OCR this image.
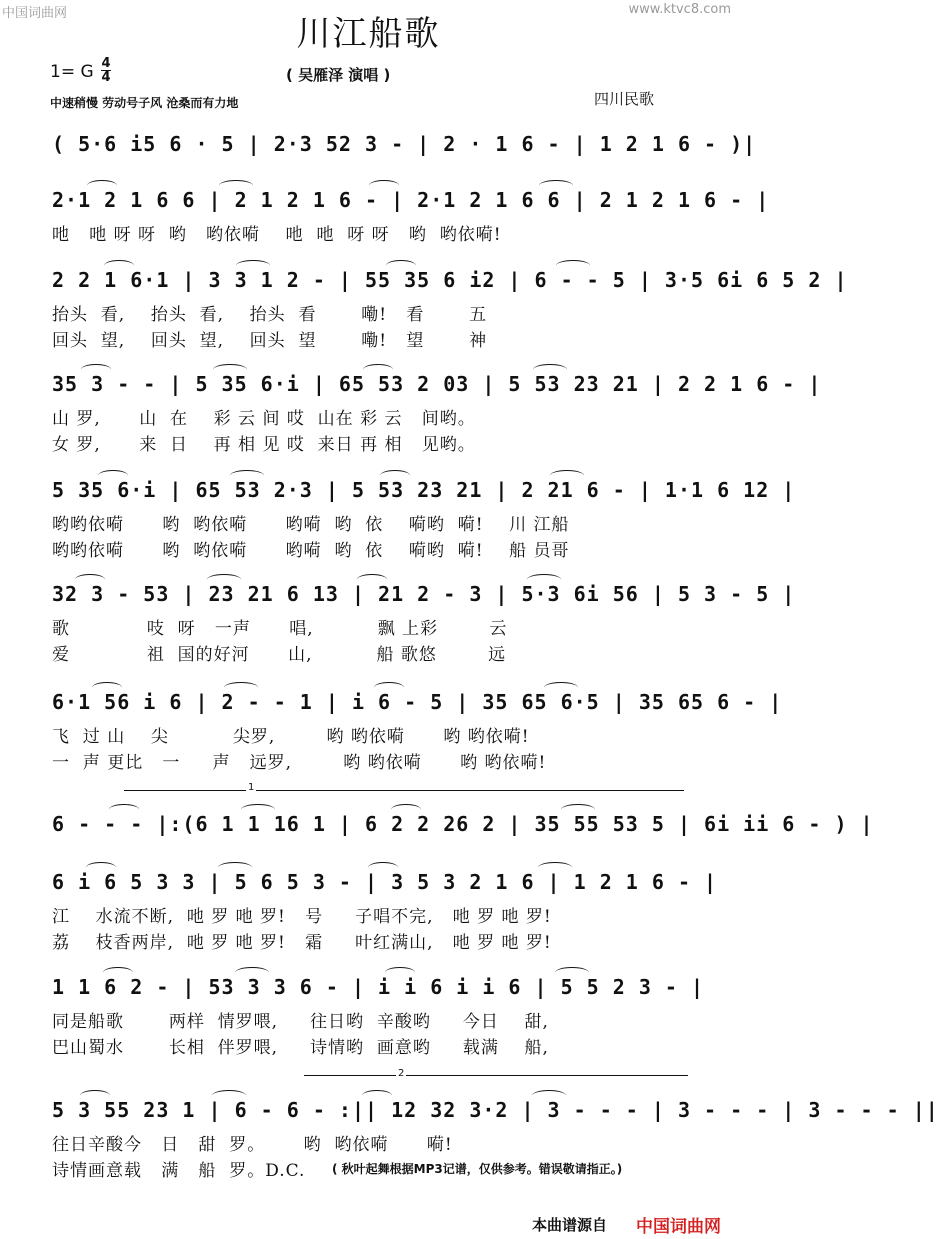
中国词曲网	www.ktvc8.com
川江船歌
1= G 4
4	( 吴雁泽 演唱 )
中速稍慢 劳动号子风 沧桑而有力地	四川民歌
( 5·6 i5 6 · 5 | 2·3 52 3 - | 2 · 1 6 - | 1 2 1 6 - )|
2·1 2 1 6 6 | 2 1 2 1 6 - | 2·1 2 1 6 6 | 2 1 2 1 6 - |
吔   吔 呀 呀  哟   哟依嗬    吔  吔  呀 呀   哟  哟依嗬!
2 2 1 6·1 | 3 3 1 2 - | 55 35 6 i2 | 6 - - 5 | 3·5 6i 6 5 2 |
抬头  看,    抬头  看,    抬头  看       嘞!   看       五
回头  望,    回头  望,    回头  望       嘞!   望       神
35 3 - - | 5 35 6·i | 65 53 2 03 | 5 53 23 21 | 2 2 1 6 - |
山 罗,      山  在    彩 云 间 哎  山在 彩 云   间哟。
女 罗,      来  日    再 相 见 哎  来日 再 相   见哟。
5 35 6·i | 65 53 2·3 | 5 53 23 21 | 2 21 6 - | 1·1 6 12 |
哟哟依嗬      哟  哟依嗬      哟嗬  哟  依    嗬哟  嗬!    川 江船
哟哟依嗬      哟  哟依嗬      哟嗬  哟  依    嗬哟  嗬!    船 员哥
32 3 - 53 | 23 21 6 13 | 21 2 - 3 | 5·3 6i 56 | 5 3 - 5 |
歌            吱  呀   一声      唱,          飘 上彩        云
爱            祖  国的好河      山,          船 歌悠        远
6·1 56 i 6 | 2 - - 1 | i 6 - 5 | 35 65 6·5 | 35 65 6 - |
飞  过 山    尖          尖罗,        哟 哟依嗬      哟 哟依嗬!
一  声 更比   一     声   远罗,        哟 哟依嗬      哟 哟依嗬!
6 - - - |:(6 1 1 16 1 | 6 2 2 26 2 | 35 55 53 5 | 6i ii 6 - ) |
6 i 6 5 3 3 | 5 6 5 3 - | 3 5 3 2 1 6 | 1 2 1 6 - |
江    水流不断,  吔 罗 吔 罗!   号     子唱不完,   吔 罗 吔 罗!
荔    枝香两岸,  吔 罗 吔 罗!   霜     叶红满山,   吔 罗 吔 罗!
1 1 6 2 - | 53 3 3 6 - | i i 6 i i 6 | 5 5 2 3 - |
同是船歌       两样  情罗喂,     往日哟  辛酸哟     今日    甜,
巴山蜀水       长相  伴罗喂,     诗情哟  画意哟     载满    船,
5 3 55 23 1 | 6 - 6 - :|| 12 32 3·2 | 3 - - - | 3 - - - | 3 - - - ||
往日辛酸今   日   甜  罗。      哟  哟依嗬      嗬!
诗情画意载   满   船  罗。D.C.
1
2
( 秋叶起舞根据MP3记谱，仅供参考。错误敬请指正。)
本曲谱源自 中国词曲网
